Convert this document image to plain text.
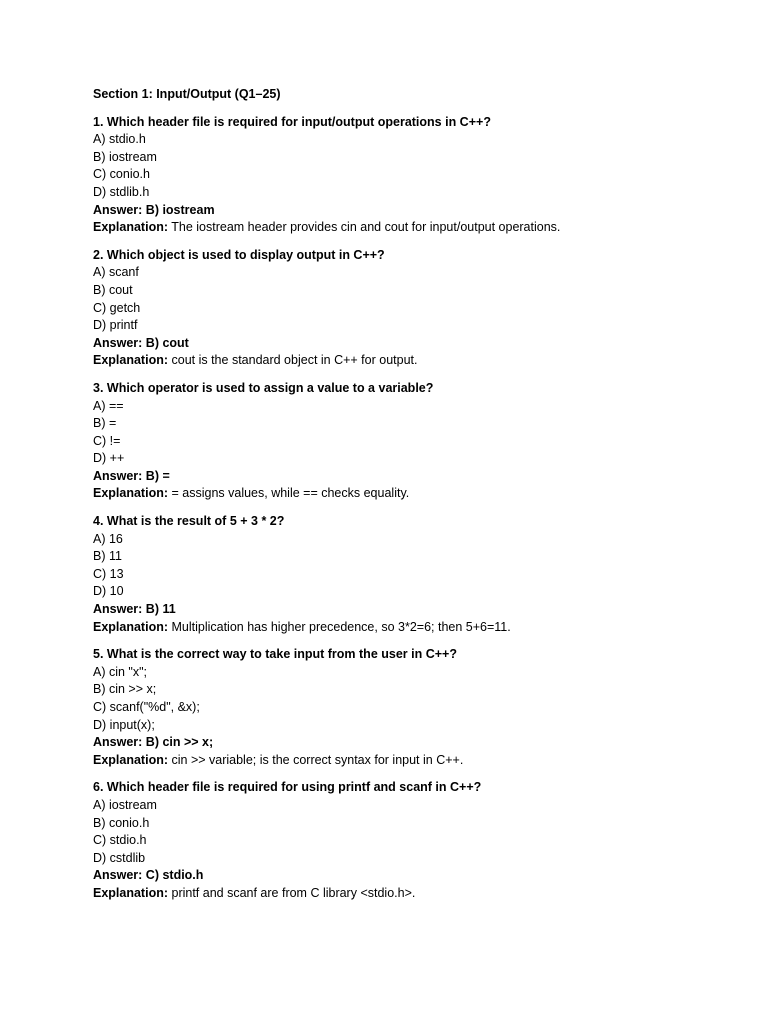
Section 1: Input/Output (Q1–25)
1. Which header file is required for input/output operations in C++?
A) stdio.h
B) iostream
C) conio.h
D) stdlib.h
Answer: B) iostream
Explanation: The iostream header provides cin and cout for input/output operations.
2. Which object is used to display output in C++?
A) scanf
B) cout
C) getch
D) printf
Answer: B) cout
Explanation: cout is the standard object in C++ for output.
3. Which operator is used to assign a value to a variable?
A) ==
B) =
C) !=
D) ++
Answer: B) =
Explanation: = assigns values, while == checks equality.
4. What is the result of 5 + 3 * 2?
A) 16
B) 11
C) 13
D) 10
Answer: B) 11
Explanation: Multiplication has higher precedence, so 3*2=6; then 5+6=11.
5. What is the correct way to take input from the user in C++?
A) cin "x";
B) cin >> x;
C) scanf("%d", &x);
D) input(x);
Answer: B) cin >> x;
Explanation: cin >> variable; is the correct syntax for input in C++.
6. Which header file is required for using printf and scanf in C++?
A) iostream
B) conio.h
C) stdio.h
D) cstdlib
Answer: C) stdio.h
Explanation: printf and scanf are from C library <stdio.h>.
